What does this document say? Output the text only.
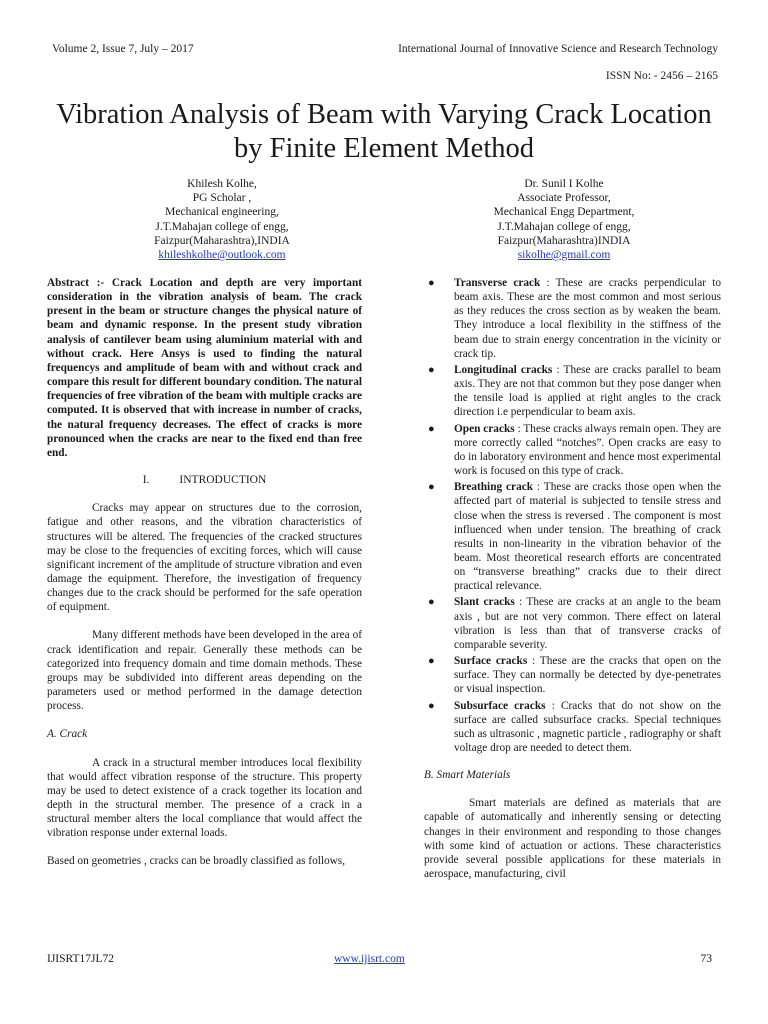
Volume 2, Issue 7, July – 2017	International Journal of Innovative Science and Research Technology
ISSN No: - 2456 – 2165
Vibration Analysis of Beam with Varying Crack Location by Finite Element Method
Khilesh Kolhe,
PG Scholar ,
Mechanical engineering,
J.T.Mahajan college of engg,
Faizpur(Maharashtra),INDIA
khileshkolhe@outlook.com
Dr. Sunil I Kolhe
Associate Professor,
Mechanical Engg Department,
J.T.Mahajan college of engg,
Faizpur(Maharashtra)INDIA
sikolhe@gmail.com

Abstract :- Crack Location and depth are very important consideration in the vibration analysis of beam. The crack present in the beam or structure changes the physical nature of beam and dynamic response. In the present study vibration analysis of cantilever beam using aluminium material with and without crack. Here Ansys is used to finding the natural frequencys and amplitude of beam with and without crack and compare this result for different boundary condition. The natural frequencies of free vibration of the beam with multiple cracks are computed. It is observed that with increase in number of cracks, the natural frequency decreases. The effect of cracks is more pronounced when the cracks are near to the fixed end than free end.

I.	INTRODUCTION

Cracks may appear on structures due to the corrosion, fatigue and other reasons, and the vibration characteristics of structures will be altered. The frequencies of the cracked structures may be close to the frequencies of exciting forces, which will cause significant increment of the amplitude of structure vibration and even damage the equipment. Therefore, the investigation of frequency changes due to the crack should be performed for the safe operation of equipment.

Many different methods have been developed in the area of crack identification and repair. Generally these methods can be categorized into frequency domain and time domain methods. These groups may be subdivided into different areas depending on the parameters used or method performed in the damage detection process.

A. Crack

A crack in a structural member introduces local flexibility that would affect vibration response of the structure. This property may be used to detect existence of a crack together its location and depth in the structural member. The presence of a crack in a structural member alters the local compliance that would affect the vibration response under external loads.

Based on geometries , cracks can be broadly classified as follows,

● Transverse crack : These are cracks perpendicular to beam axis. These are the most common and most serious as they reduces the cross section as by weaken the beam. They introduce a local flexibility in the stiffness of the beam due to strain energy concentration in the vicinity or crack tip.
● Longitudinal cracks : These are cracks parallel to beam axis. They are not that common but they pose danger when the tensile load is applied at right angles to the crack direction i.e perpendicular to beam axis.
● Open cracks : These cracks always remain open. They are more correctly called “notches”. Open cracks are easy to do in laboratory environment and hence most experimental work is focused on this type of crack.
● Breathing crack : These are cracks those open when the affected part of material is subjected to tensile stress and close when the stress is reversed . The component is most influenced when under tension. The breathing of crack results in non-linearity in the vibration behavior of the beam. Most theoretical research efforts are concentrated on “transverse breathing” cracks due to their direct practical relevance.
● Slant cracks : These are cracks at an angle to the beam axis , but are not very common. There effect on lateral vibration is less than that of transverse cracks of comparable severity.
● Surface cracks : These are the cracks that open on the surface. They can normally be detected by dye-penetrates or visual inspection.
● Subsurface cracks : Cracks that do not show on the surface are called subsurface cracks. Special techniques such as ultrasonic , magnetic particle , radiography or shaft voltage drop are needed to detect them.
B. Smart Materials

Smart materials are defined as materials that are capable of automatically and inherently sensing or detecting changes in their environment and responding to those changes with some kind of actuation or actions. These characteristics provide several possible applications for these materials in aerospace, manufacturing, civil

IJISRT17JL72	www.ijisrt.com	73
